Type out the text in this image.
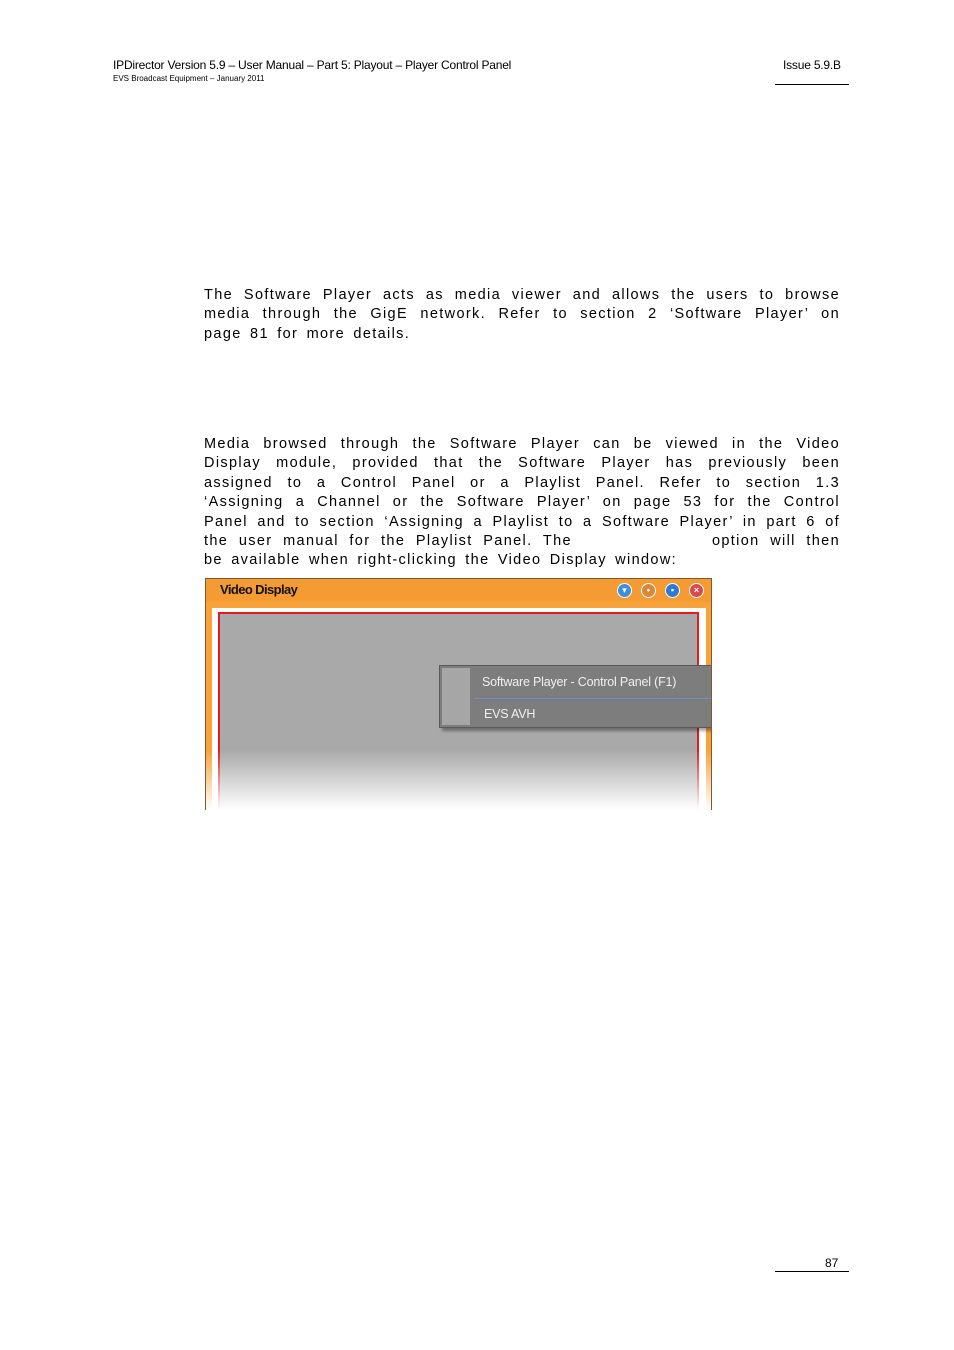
IPDirector Version 5.9 – User Manual – Part 5: Playout – Player Control Panel
EVS Broadcast Equipment – January 2011
Issue 5.9.B

The Software Player acts as media viewer and allows the users to browse media through the GigE network. Refer to section 2 ‘Software Player’ on page 81 for more details.

Media browsed through the Software Player can be viewed in the Video Display module, provided that the Software Player has previously been assigned to a Control Panel or a Playlist Panel. Refer to section 1.3 ‘Assigning a Channel or the Software Player’ on page 53 for the Control Panel and to section ‘Assigning a Playlist to a Software Player’ in part 6 of the user manual for the Playlist Panel. The	option will then be available when right-clicking the Video Display window:

Video Display	▾	•	▪	×
Software Player - Control Panel (F1)
EVS AVH
87
